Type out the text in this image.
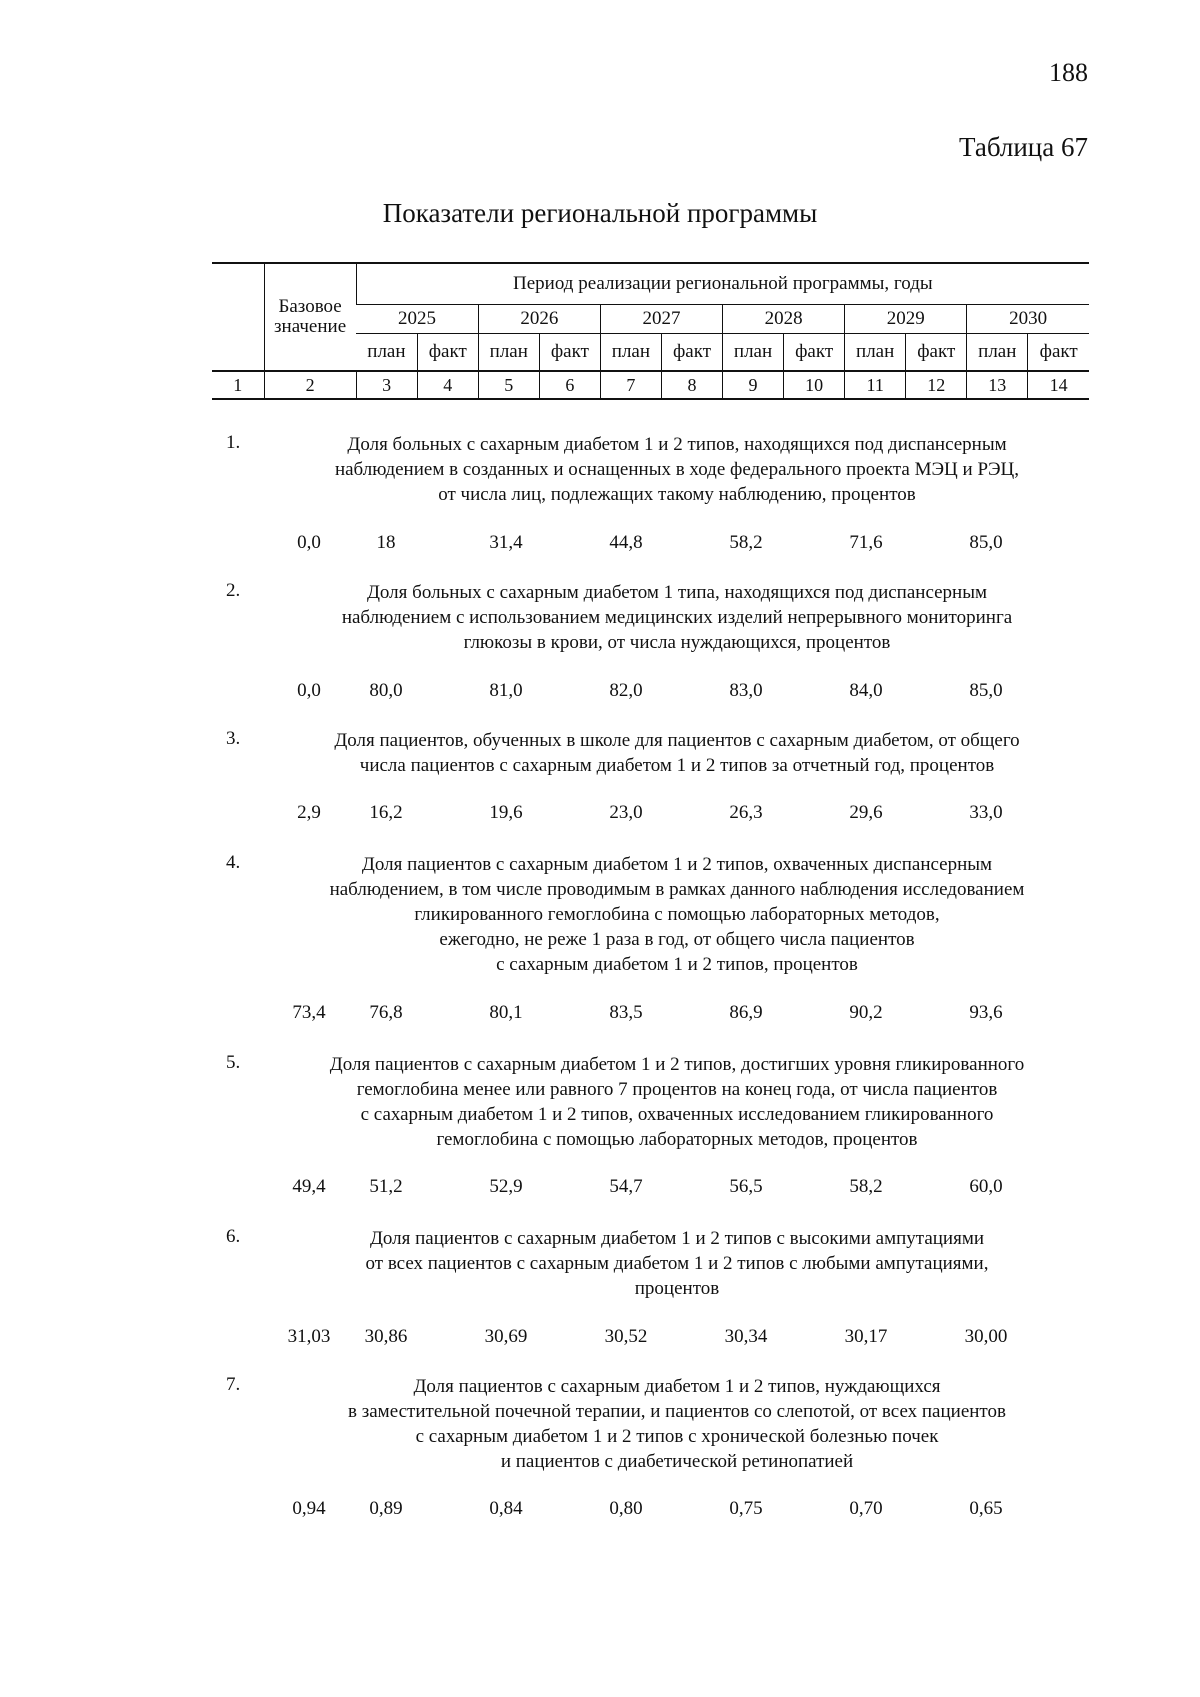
188
Таблица 67
Показатели региональной программы
	Базовое значение	Период реализации региональной программы, годы											
		2025		2026		2027		2028		2029		2030	
		план	факт	план	факт	план	факт	план	факт	план	факт	план	факт
1	2	3	4	5	6	7	8	9	10	11	12	13	14
1.	Доля больных с сахарным диабетом 1 и 2 типов, находящихся под диспансерным
наблюдением в созданных и оснащенных в ходе федерального проекта МЭЦ и РЭЦ,
от числа лиц, подлежащих такому наблюдению, процентов
0,0	18	31,4	44,8	58,2	71,6	85,0
2.	Доля больных с сахарным диабетом 1 типа, находящихся под диспансерным
наблюдением с использованием медицинских изделий непрерывного мониторинга
глюкозы в крови, от числа нуждающихся, процентов
0,0	80,0	81,0	82,0	83,0	84,0	85,0
3.	Доля пациентов, обученных в школе для пациентов с сахарным диабетом, от общего
числа пациентов с сахарным диабетом 1 и 2 типов за отчетный год, процентов
2,9	16,2	19,6	23,0	26,3	29,6	33,0
4.	Доля пациентов с сахарным диабетом 1 и 2 типов, охваченных диспансерным
наблюдением, в том числе проводимым в рамках данного наблюдения исследованием
гликированного гемоглобина с помощью лабораторных методов,
ежегодно, не реже 1 раза в год, от общего числа пациентов
с сахарным диабетом 1 и 2 типов, процентов
73,4 76,8	80,1	83,5	86,9	90,2	93,6
5.	Доля пациентов с сахарным диабетом 1 и 2 типов, достигших уровня гликированного
гемоглобина менее или равного 7 процентов на конец года, от числа пациентов
с сахарным диабетом 1 и 2 типов, охваченных исследованием гликированного
гемоглобина с помощью лабораторных методов, процентов
49,4 51,2	52,9	54,7	56,5	58,2	60,0
6.	Доля пациентов с сахарным диабетом 1 и 2 типов с высокими ампутациями
от всех пациентов с сахарным диабетом 1 и 2 типов с любыми ампутациями,
процентов
31,03 30,86	30,69	30,52	30,34	30,17	30,00
7.	Доля пациентов с сахарным диабетом 1 и 2 типов, нуждающихся
в заместительной почечной терапии, и пациентов со слепотой, от всех пациентов
с сахарным диабетом 1 и 2 типов с хронической болезнью почек
и пациентов с диабетической ретинопатией
0,94 0,89	0,84	0,80	0,75	0,70	0,65
